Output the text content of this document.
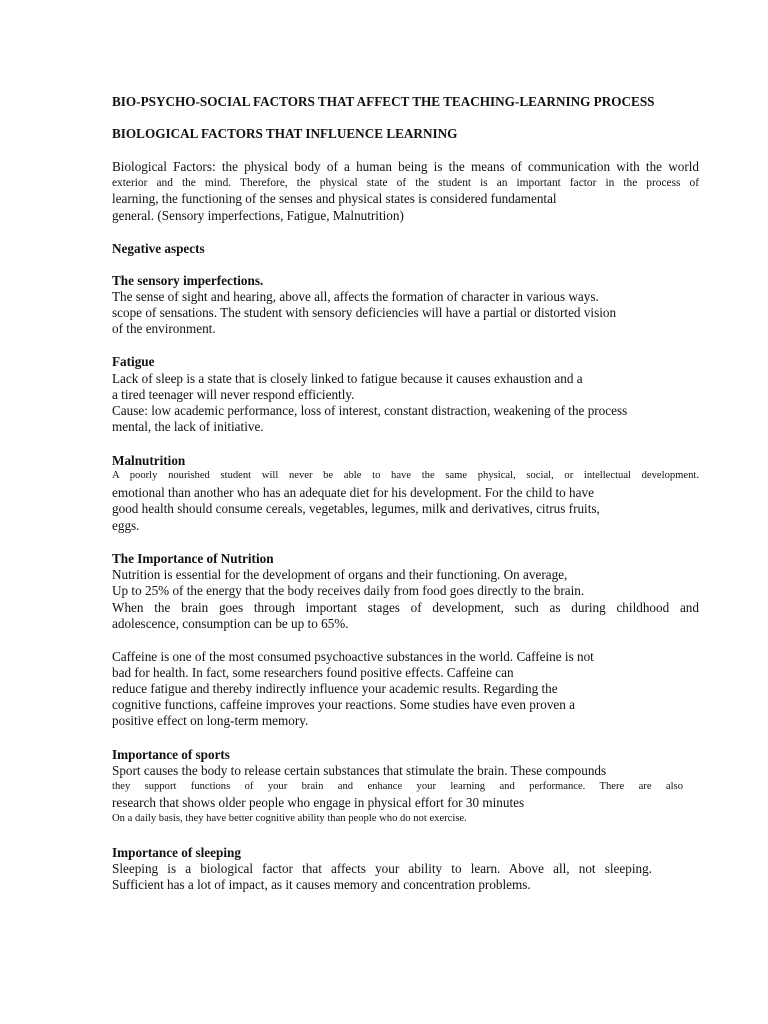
BIO-PSYCHO-SOCIAL FACTORS THAT AFFECT THE TEACHING-LEARNING PROCESS

BIOLOGICAL FACTORS THAT INFLUENCE LEARNING

Biological Factors: the physical body of a human being is the means of communication with the world

exterior and the mind. Therefore, the physical state of the student is an important factor in the process of

learning, the functioning of the senses and physical states is considered fundamental

general. (Sensory imperfections, Fatigue, Malnutrition)

Negative aspects

The sensory imperfections.

The sense of sight and hearing, above all, affects the formation of character in various ways.

scope of sensations. The student with sensory deficiencies will have a partial or distorted vision

of the environment.

Fatigue

Lack of sleep is a state that is closely linked to fatigue because it causes exhaustion and a

a tired teenager will never respond efficiently.

Cause: low academic performance, loss of interest, constant distraction, weakening of the process

mental, the lack of initiative.

Malnutrition

A poorly nourished student will never be able to have the same physical, social, or intellectual development.

emotional than another who has an adequate diet for his development. For the child to have

good health should consume cereals, vegetables, legumes, milk and derivatives, citrus fruits,

eggs.

The Importance of Nutrition

Nutrition is essential for the development of organs and their functioning. On average,

Up to 25% of the energy that the body receives daily from food goes directly to the brain.

When the brain goes through important stages of development, such as during childhood and

adolescence, consumption can be up to 65%.

Caffeine is one of the most consumed psychoactive substances in the world. Caffeine is not

bad for health. In fact, some researchers found positive effects. Caffeine can

reduce fatigue and thereby indirectly influence your academic results. Regarding the

cognitive functions, caffeine improves your reactions. Some studies have even proven a

positive effect on long-term memory.

Importance of sports

Sport causes the body to release certain substances that stimulate the brain. These compounds

they support functions of your brain and enhance your learning and performance. There are also

research that shows older people who engage in physical effort for 30 minutes

On a daily basis, they have better cognitive ability than people who do not exercise.

Importance of sleeping

Sleeping is a biological factor that affects your ability to learn. Above all, not sleeping.

Sufficient has a lot of impact, as it causes memory and concentration problems.
